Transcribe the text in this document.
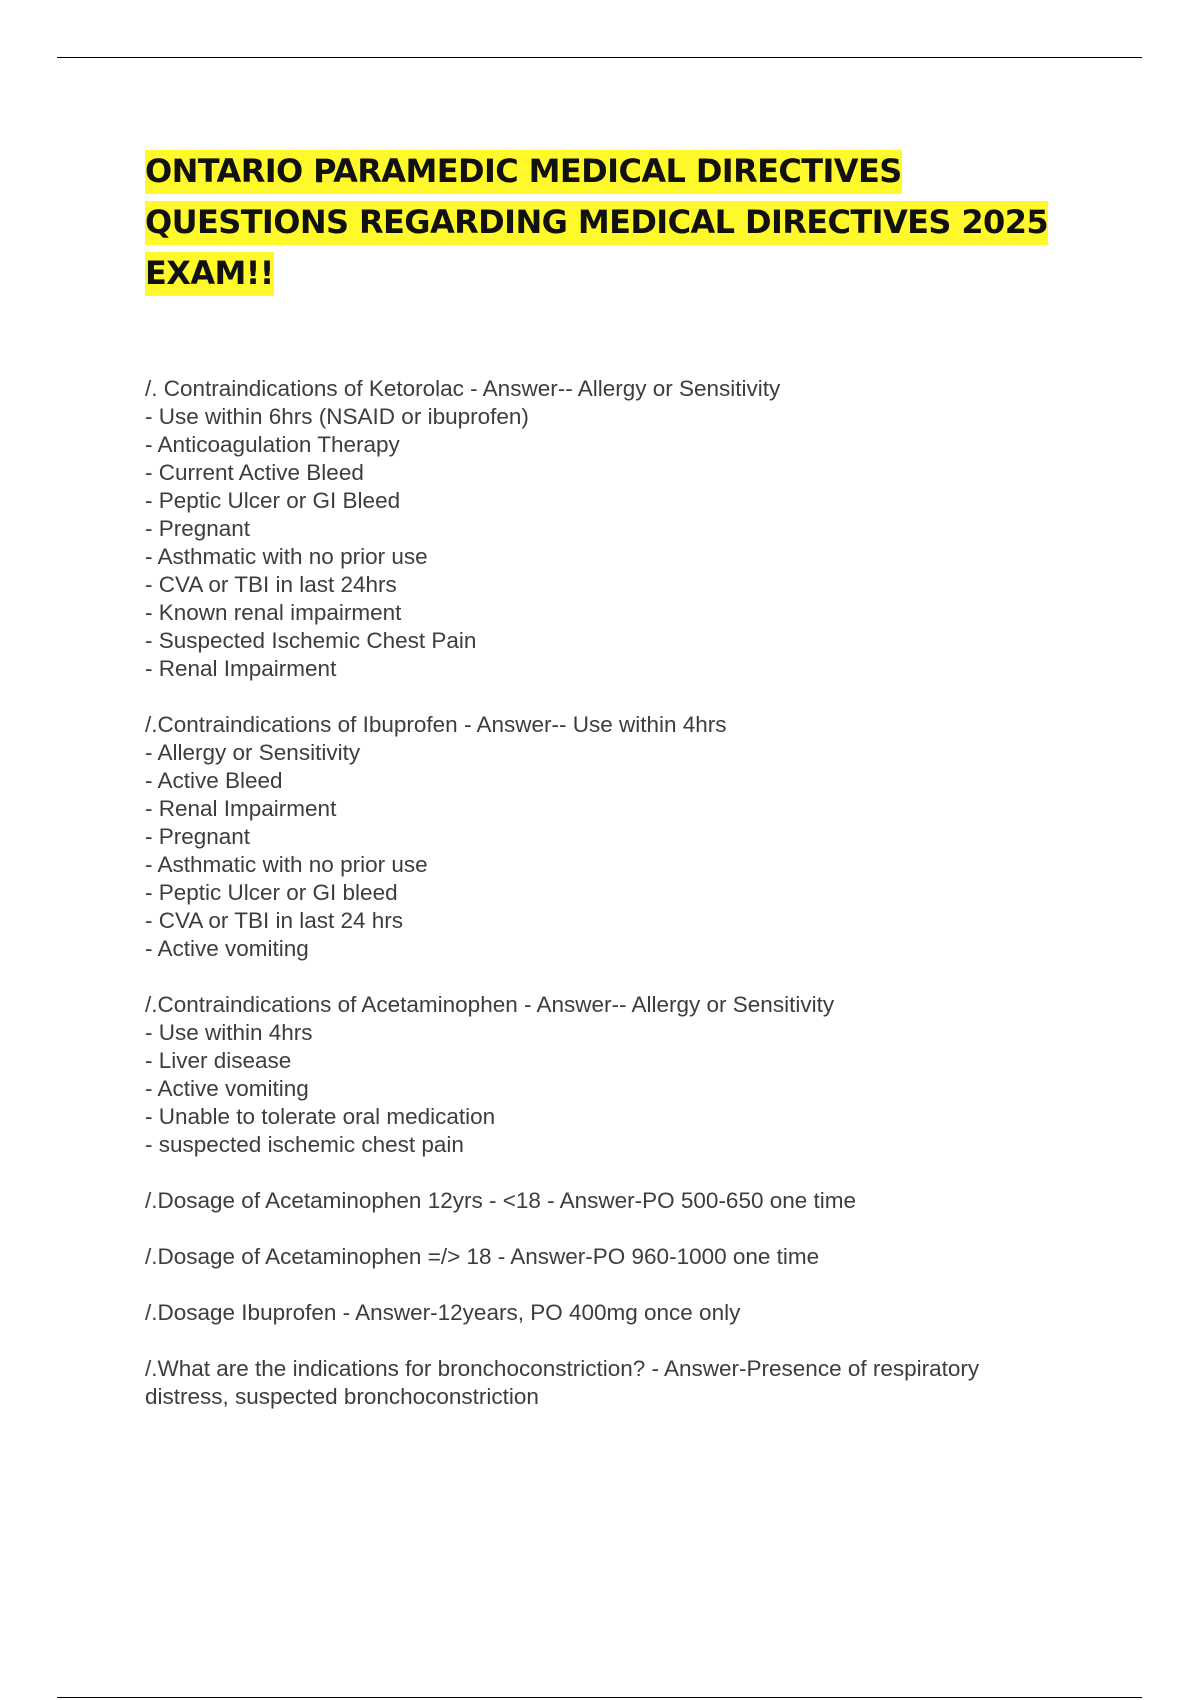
ONTARIO PARAMEDIC MEDICAL DIRECTIVES QUESTIONS REGARDING MEDICAL DIRECTIVES 2025 EXAM!!
/. Contraindications of Ketorolac - Answer-- Allergy or Sensitivity
- Use within 6hrs (NSAID or ibuprofen)
- Anticoagulation Therapy
- Current Active Bleed
- Peptic Ulcer or GI Bleed
- Pregnant
- Asthmatic with no prior use
- CVA or TBI in last 24hrs
- Known renal impairment
- Suspected Ischemic Chest Pain
- Renal Impairment
/.Contraindications of Ibuprofen - Answer-- Use within 4hrs
- Allergy or Sensitivity
- Active Bleed
- Renal Impairment
- Pregnant
- Asthmatic with no prior use
- Peptic Ulcer or GI bleed
- CVA or TBI in last 24 hrs
- Active vomiting
/.Contraindications of Acetaminophen - Answer-- Allergy or Sensitivity
- Use within 4hrs
- Liver disease
- Active vomiting
- Unable to tolerate oral medication
- suspected ischemic chest pain
/.Dosage of Acetaminophen 12yrs - <18 - Answer-PO 500-650 one time
/.Dosage of Acetaminophen =/> 18 - Answer-PO 960-1000 one time
/.Dosage Ibuprofen - Answer-12years, PO 400mg once only
/.What are the indications for bronchoconstriction? - Answer-Presence of respiratory
distress, suspected bronchoconstriction
